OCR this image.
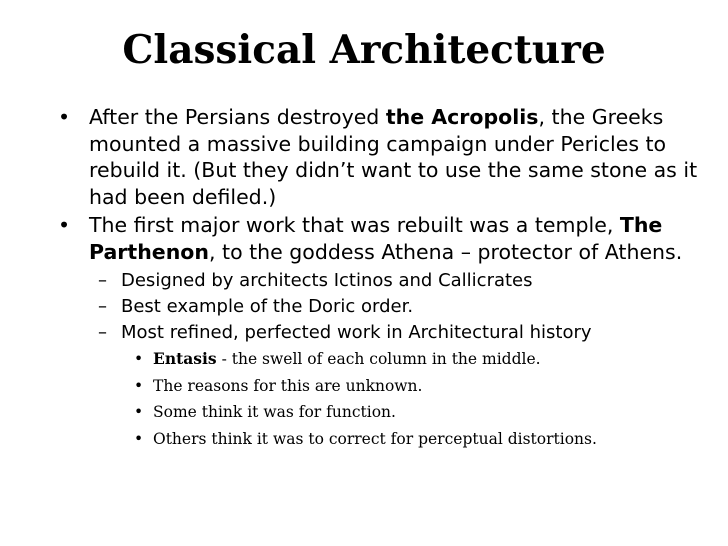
Classical Architecture
• After the Persians destroyed the Acropolis, the Greeks mounted a massive building campaign under Pericles to rebuild it. (But they didn’t want to use the same stone as it had been defiled.)
• The first major work that was rebuilt was a temple, The Parthenon, to the goddess Athena – protector of Athens.
– Designed by architects Ictinos and Callicrates
– Best example of the Doric order.
– Most refined, perfected work in Architectural history
• Entasis - the swell of each column in the middle.
• The reasons for this are unknown.
• Some think it was for function.
• Others think it was to correct for perceptual distortions.
